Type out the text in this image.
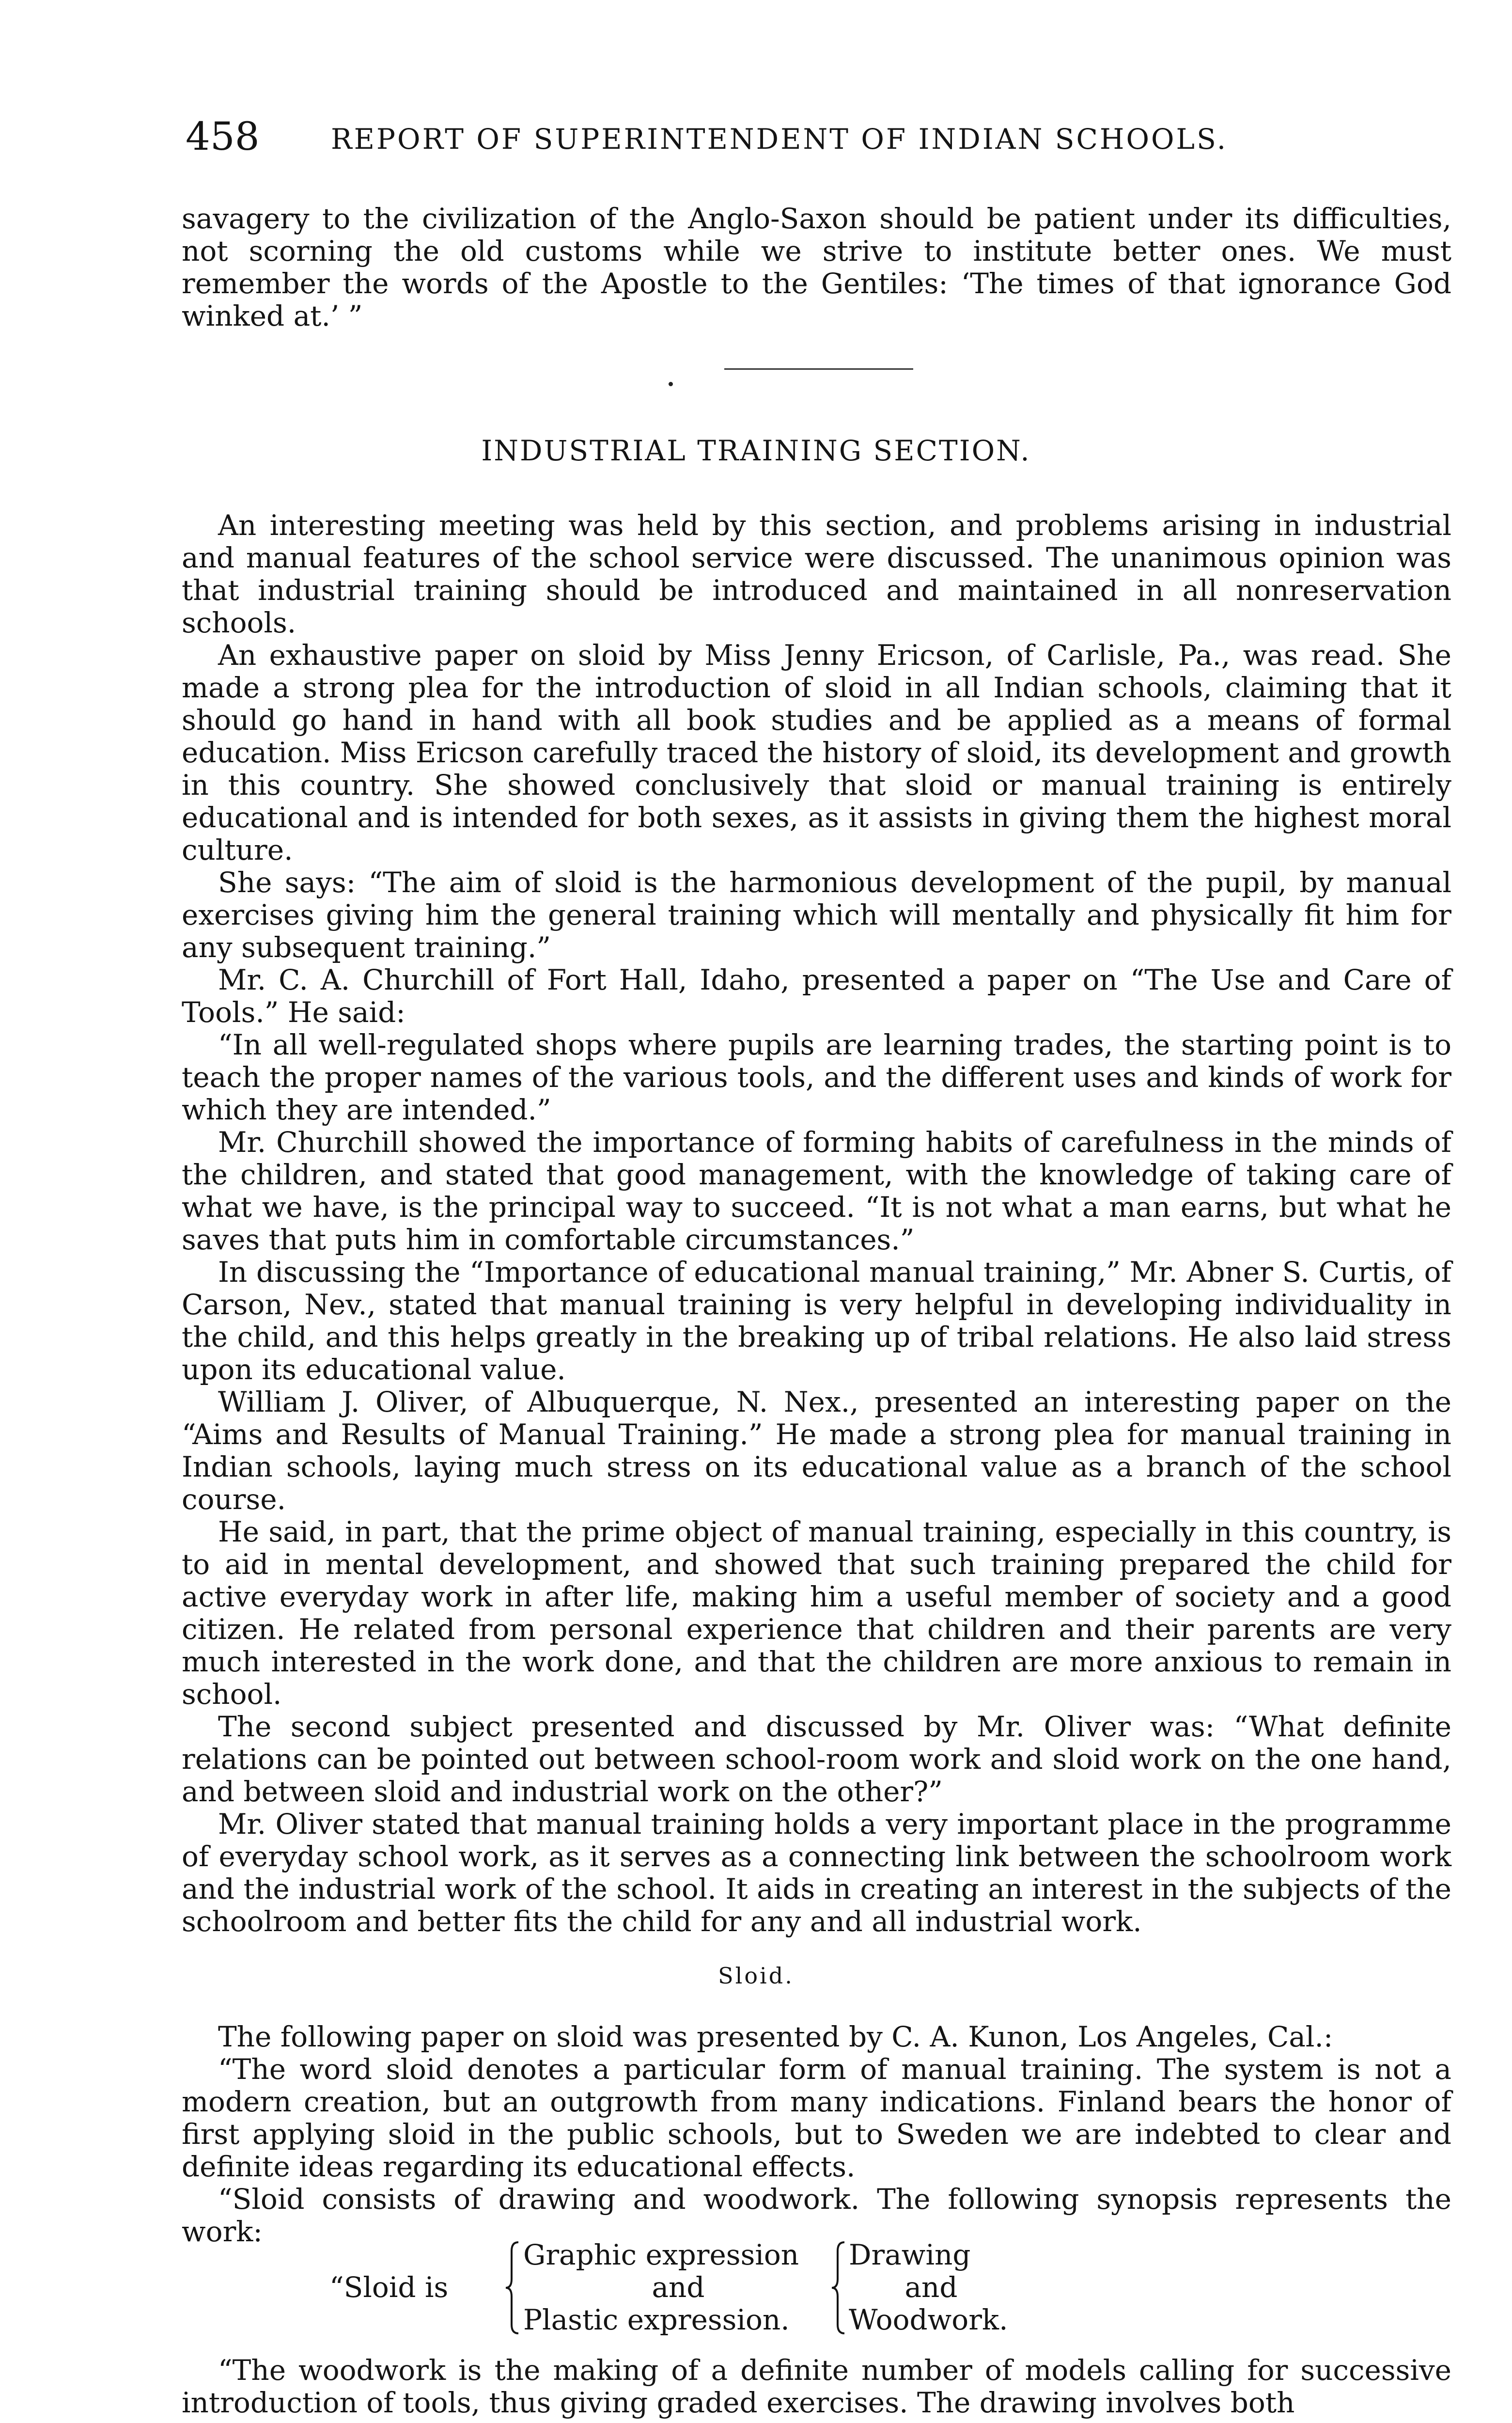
458	REPORT OF SUPERINTENDENT OF INDIAN SCHOOLS.

savagery to the civilization of the Anglo-Saxon should be patient under its difficulties, not scorning the old customs while we strive to institute better ones. We must remember the words of the Apostle to the Gentiles: ‘The times of that ignorance God winked at.’ ”

INDUSTRIAL TRAINING SECTION.

An interesting meeting was held by this section, and problems arising in industrial and manual features of the school service were discussed. The unanimous opinion was that industrial training should be introduced and maintained in all nonreservation schools.

An exhaustive paper on sloid by Miss Jenny Ericson, of Carlisle, Pa., was read. She made a strong plea for the introduction of sloid in all Indian schools, claiming that it should go hand in hand with all book studies and be applied as a means of formal education. Miss Ericson carefully traced the history of sloid, its development and growth in this country. She showed conclusively that sloid or manual training is entirely educational and is intended for both sexes, as it assists in giving them the highest moral culture.

She says: “The aim of sloid is the harmonious development of the pupil, by manual exercises giving him the general training which will mentally and physically fit him for any subsequent training.”

Mr. C. A. Churchill of Fort Hall, Idaho, presented a paper on “The Use and Care of Tools.” He said:

“In all well-regulated shops where pupils are learning trades, the starting point is to teach the proper names of the various tools, and the different uses and kinds of work for which they are intended.”

Mr. Churchill showed the importance of forming habits of carefulness in the minds of the children, and stated that good management, with the knowledge of taking care of what we have, is the principal way to succeed. “It is not what a man earns, but what he saves that puts him in comfortable circumstances.”

In discussing the “Importance of educational manual training,” Mr. Abner S. Curtis, of Carson, Nev., stated that manual training is very helpful in developing individuality in the child, and this helps greatly in the breaking up of tribal relations. He also laid stress upon its educational value.

William J. Oliver, of Albuquerque, N. Nex., presented an interesting paper on the “Aims and Results of Manual Training.” He made a strong plea for manual training in Indian schools, laying much stress on its educational value as a branch of the school course.

He said, in part, that the prime object of manual training, especially in this country, is to aid in mental development, and showed that such training prepared the child for active everyday work in after life, making him a useful member of society and a good citizen. He related from personal experience that children and their parents are very much interested in the work done, and that the children are more anxious to remain in school.

The second subject presented and discussed by Mr. Oliver was: “What definite relations can be pointed out between school-room work and sloid work on the one hand, and between sloid and industrial work on the other?”

Mr. Oliver stated that manual training holds a very important place in the programme of everyday school work, as it serves as a connecting link between the schoolroom work and the industrial work of the school. It aids in creating an interest in the subjects of the schoolroom and better fits the child for any and all industrial work.

Sloid.

The following paper on sloid was presented by C. A. Kunon, Los Angeles, Cal.:

“The word sloid denotes a particular form of manual training. The system is not a modern creation, but an outgrowth from many indications. Finland bears the honor of first applying sloid in the public schools, but to Sweden we are indebted to clear and definite ideas regarding its educational effects.

“Sloid consists of drawing and woodwork. The following synopsis represents the work:

“Sloid is
Graphic expression
and
Plastic expression.
Drawing
and
Woodwork.

“The woodwork is the making of a definite number of models calling for successive introduction of tools, thus giving graded exercises. The drawing involves both
